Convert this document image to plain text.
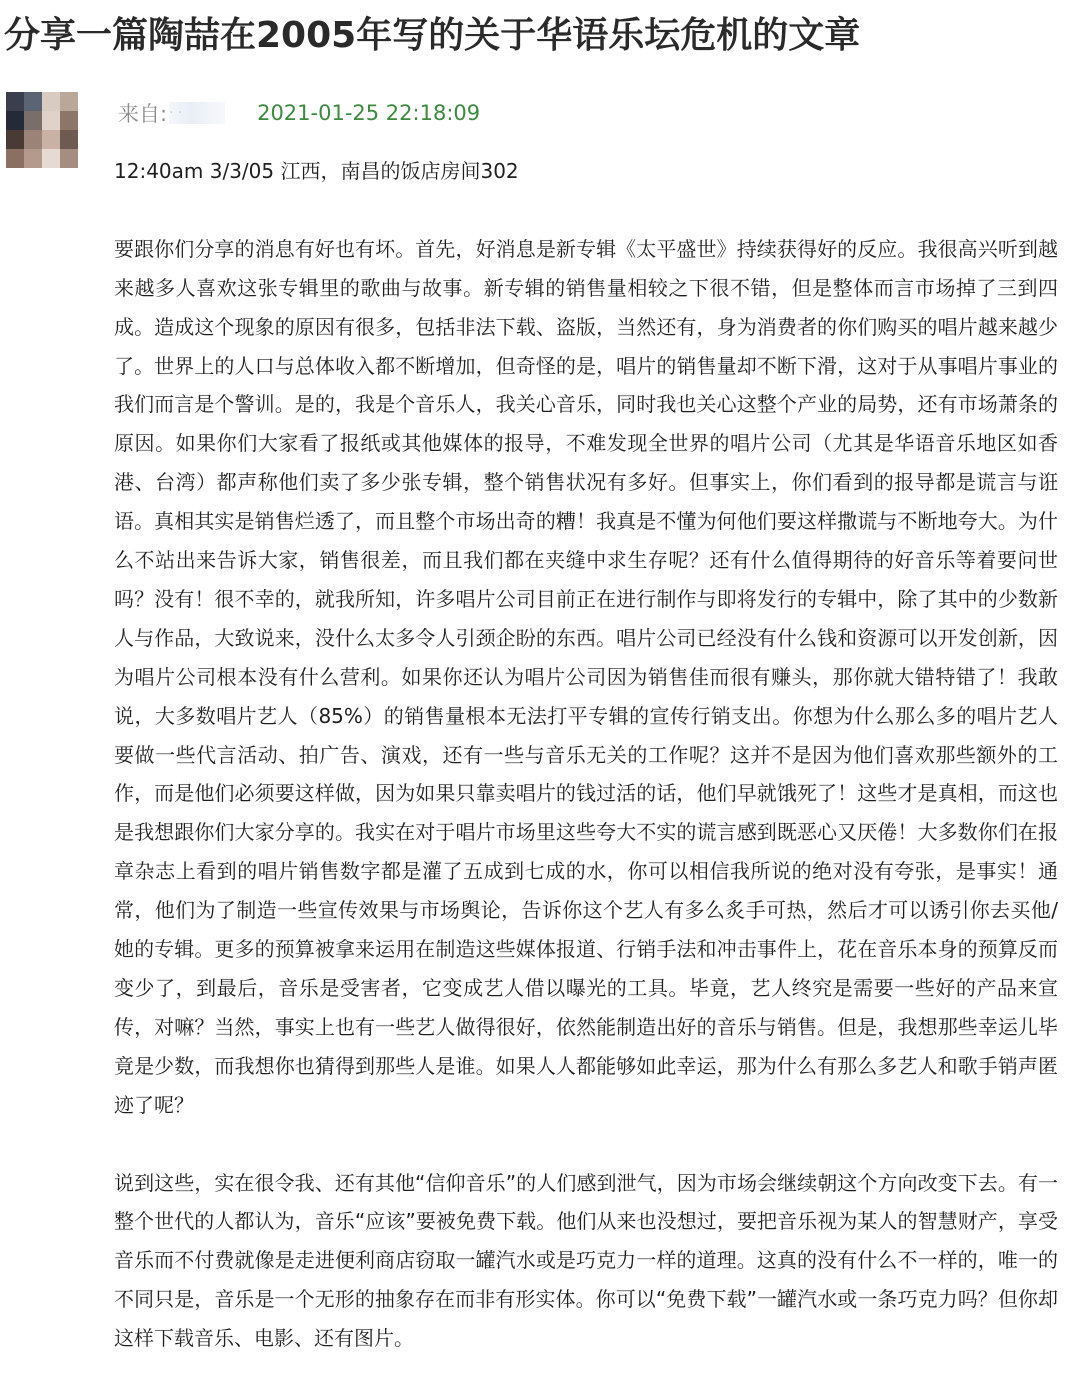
分享一篇陶喆在2005年写的关于华语乐坛危机的文章
来自: · ·	2021-01-25 22:18:09

12:40am 3/3/05 江西，南昌的饭店房间302

要跟你们分享的消息有好也有坏。首先，好消息是新专辑《太平盛世》持续获得好的反应。我很高兴听到越来越多人喜欢这张专辑里的歌曲与故事。新专辑的销售量相较之下很不错，但是整体而言市场掉了三到四成。造成这个现象的原因有很多，包括非法下载、盗版，当然还有，身为消费者的你们购买的唱片越来越少了。世界上的人口与总体收入都不断增加，但奇怪的是，唱片的销售量却不断下滑，这对于从事唱片事业的我们而言是个警训。是的，我是个音乐人，我关心音乐，同时我也关心这整个产业的局势，还有市场萧条的原因。如果你们大家看了报纸或其他媒体的报导，不难发现全世界的唱片公司（尤其是华语音乐地区如香港、台湾）都声称他们卖了多少张专辑，整个销售状况有多好。但事实上，你们看到的报导都是谎言与诳语。真相其实是销售烂透了，而且整个市场出奇的糟！我真是不懂为何他们要这样撒谎与不断地夸大。为什么不站出来告诉大家，销售很差，而且我们都在夹缝中求生存呢？还有什么值得期待的好音乐等着要问世吗？没有！很不幸的，就我所知，许多唱片公司目前正在进行制作与即将发行的专辑中，除了其中的少数新人与作品，大致说来，没什么太多令人引颈企盼的东西。唱片公司已经没有什么钱和资源可以开发创新，因为唱片公司根本没有什么营利。如果你还认为唱片公司因为销售佳而很有赚头，那你就大错特错了！我敢说，大多数唱片艺人（85%）的销售量根本无法打平专辑的宣传行销支出。你想为什么那么多的唱片艺人要做一些代言活动、拍广告、演戏，还有一些与音乐无关的工作呢？这并不是因为他们喜欢那些额外的工作，而是他们必须要这样做，因为如果只靠卖唱片的钱过活的话，他们早就饿死了！这些才是真相，而这也是我想跟你们大家分享的。我实在对于唱片市场里这些夸大不实的谎言感到既恶心又厌倦！大多数你们在报章杂志上看到的唱片销售数字都是灌了五成到七成的水，你可以相信我所说的绝对没有夸张，是事实！通常，他们为了制造一些宣传效果与市场舆论，告诉你这个艺人有多么炙手可热，然后才可以诱引你去买他/她的专辑。更多的预算被拿来运用在制造这些媒体报道、行销手法和冲击事件上，花在音乐本身的预算反而变少了，到最后，音乐是受害者，它变成艺人借以曝光的工具。毕竟，艺人终究是需要一些好的产品来宣传，对嘛？当然，事实上也有一些艺人做得很好，依然能制造出好的音乐与销售。但是，我想那些幸运儿毕竟是少数，而我想你也猜得到那些人是谁。如果人人都能够如此幸运，那为什么有那么多艺人和歌手销声匿迹了呢？

说到这些，实在很令我、还有其他“信仰音乐”的人们感到泄气，因为市场会继续朝这个方向改变下去。有一整个世代的人都认为，音乐“应该”要被免费下载。他们从来也没想过，要把音乐视为某人的智慧财产，享受音乐而不付费就像是走进便利商店窃取一罐汽水或是巧克力一样的道理。这真的没有什么不一样的，唯一的不同只是，音乐是一个无形的抽象存在而非有形实体。你可以“免费下载”一罐汽水或一条巧克力吗？但你却这样下载音乐、电影、还有图片。
